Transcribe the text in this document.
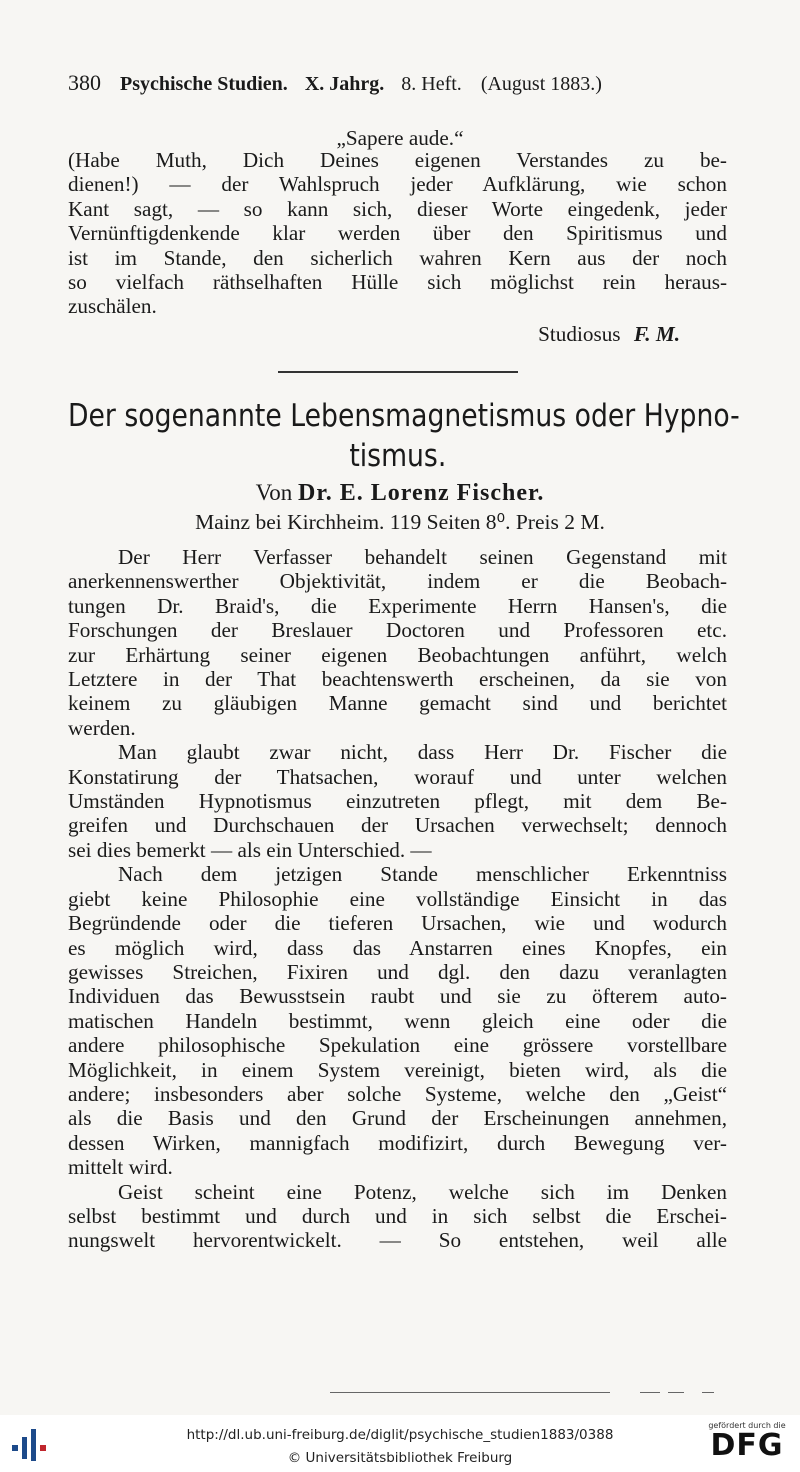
380 Psychische Studien. X. Jahrg. 8. Heft. (August 1883.)
„Sapere aude.“
(Habe Muth, Dich Deines eigenen Verstandes zu be-
dienen!) — der Wahlspruch jeder Aufklärung, wie schon
Kant sagt, — so kann sich, dieser Worte eingedenk, jeder
Vernünftigdenkende klar werden über den Spiritismus und
ist im Stande, den sicherlich wahren Kern aus der noch
so vielfach räthselhaften Hülle sich möglichst rein heraus-
zuschälen.
Studiosus F. M.
Der sogenannte Lebensmagnetismus oder Hypno-
tismus.
Von Dr. E. Lorenz Fischer.
Mainz bei Kirchheim. 119 Seiten 8⁰. Preis 2 M.
Der Herr Verfasser behandelt seinen Gegenstand mit
anerkennenswerther Objektivität, indem er die Beobach-
tungen Dr. Braid's, die Experimente Herrn Hansen's, die
Forschungen der Breslauer Doctoren und Professoren etc.
zur Erhärtung seiner eigenen Beobachtungen anführt, welch
Letztere in der That beachtenswerth erscheinen, da sie von
keinem zu gläubigen Manne gemacht sind und berichtet
werden.
Man glaubt zwar nicht, dass Herr Dr. Fischer die
Konstatirung der Thatsachen, worauf und unter welchen
Umständen Hypnotismus einzutreten pflegt, mit dem Be-
greifen und Durchschauen der Ursachen verwechselt; dennoch
sei dies bemerkt — als ein Unterschied. —
Nach dem jetzigen Stande menschlicher Erkenntniss
giebt keine Philosophie eine vollständige Einsicht in das
Begründende oder die tieferen Ursachen, wie und wodurch
es möglich wird, dass das Anstarren eines Knopfes, ein
gewisses Streichen, Fixiren und dgl. den dazu veranlagten
Individuen das Bewusstsein raubt und sie zu öfterem auto-
matischen Handeln bestimmt, wenn gleich eine oder die
andere philosophische Spekulation eine grössere vorstellbare
Möglichkeit, in einem System vereinigt, bieten wird, als die
andere; insbesonders aber solche Systeme, welche den „Geist“
als die Basis und den Grund der Erscheinungen annehmen,
dessen Wirken, mannigfach modifizirt, durch Bewegung ver-
mittelt wird.
Geist scheint eine Potenz, welche sich im Denken
selbst bestimmt und durch und in sich selbst die Erschei-
nungswelt hervorentwickelt. — So entstehen, weil alle
http://dl.ub.uni-freiburg.de/diglit/psychische_studien1883/0388
© Universitätsbibliothek Freiburg
gefördert durch die
DFG
